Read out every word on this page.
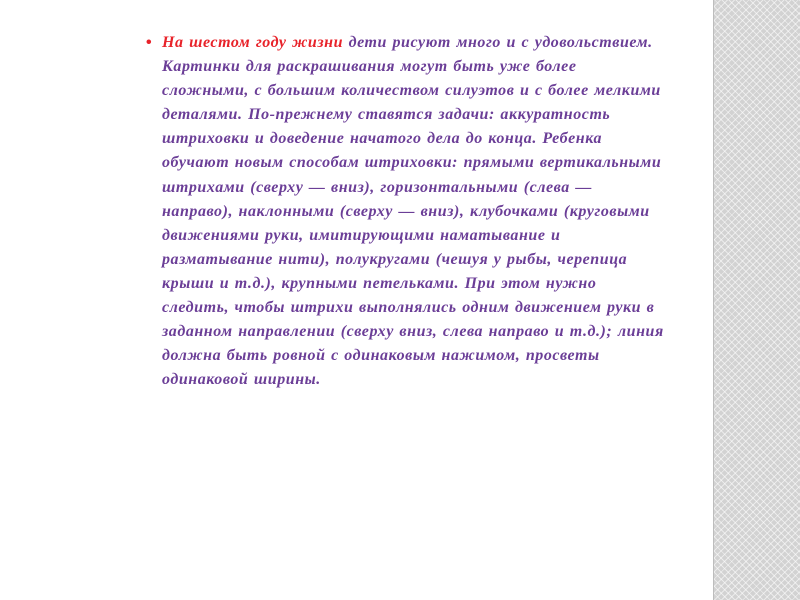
• На шестом году жизни дети рисуют много и с удовольствием. Картинки для раскрашивания могут быть уже более сложными, с большим количеством силуэтов и с более мелкими деталями. По-прежнему ставятся задачи: аккуратность штриховки и доведение начатого дела до конца. Ребенка обучают новым способам штриховки: прямыми вертикальными штрихами (сверху — вниз), горизонтальными (слева — направо), наклонными (сверху — вниз), клубочками (круговыми движениями руки, имитирующими наматывание и разматывание нити), полукругами (чешуя у рыбы, черепица крыши и т.д.), крупными петельками. При этом нужно следить, чтобы штрихи выполнялись одним движением руки в заданном направлении (сверху вниз, слева направо и т.д.); линия должна быть ровной с одинаковым нажимом, просветы одинаковой ширины.
